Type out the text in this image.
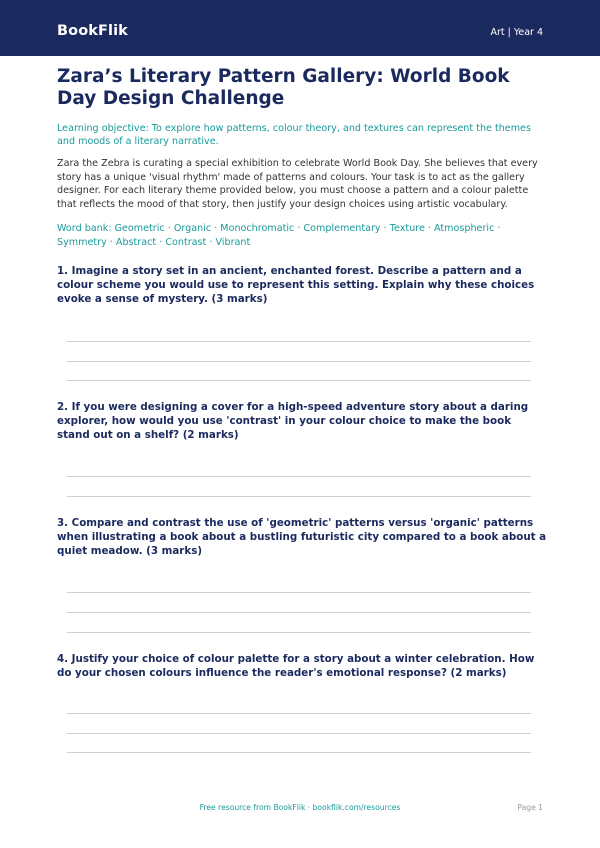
BookFlik	Art | Year 4
Zara’s Literary Pattern Gallery: World Book Day Design Challenge
Learning objective: To explore how patterns, colour theory, and textures can represent the themes and moods of a literary narrative.
Zara the Zebra is curating a special exhibition to celebrate World Book Day. She believes that every story has a unique 'visual rhythm' made of patterns and colours. Your task is to act as the gallery designer. For each literary theme provided below, you must choose a pattern and a colour palette that reflects the mood of that story, then justify your design choices using artistic vocabulary.
Word bank: Geometric · Organic · Monochromatic · Complementary · Texture · Atmospheric · Symmetry · Abstract · Contrast · Vibrant
1. Imagine a story set in an ancient, enchanted forest. Describe a pattern and a colour scheme you would use to represent this setting. Explain why these choices evoke a sense of mystery. (3 marks)
2. If you were designing a cover for a high-speed adventure story about a daring explorer, how would you use 'contrast' in your colour choice to make the book stand out on a shelf? (2 marks)
3. Compare and contrast the use of 'geometric' patterns versus 'organic' patterns when illustrating a book about a bustling futuristic city compared to a book about a quiet meadow. (3 marks)
4. Justify your choice of colour palette for a story about a winter celebration. How do your chosen colours influence the reader's emotional response? (2 marks)
Free resource from BookFlik · bookflik.com/resources	Page 1
